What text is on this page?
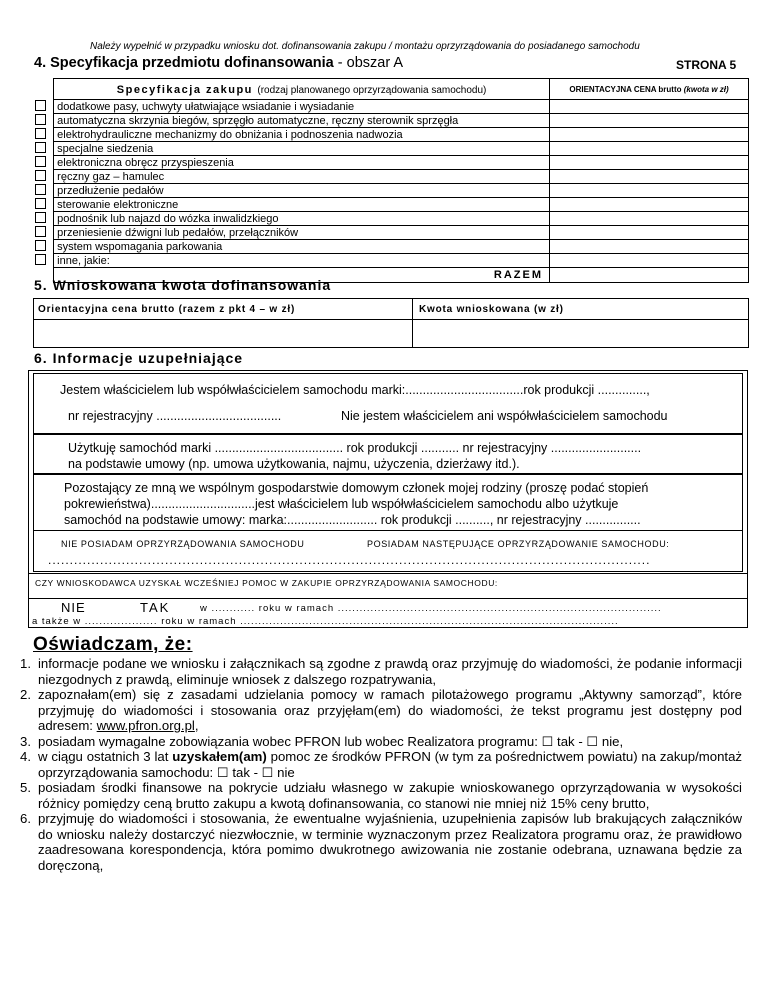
Należy wypełnić w przypadku wniosku dot. dofinansowania zakupu / montażu oprzyrządowania do posiadanego samochodu
4. Specyfikacja przedmiotu dofinansowania - obszar A	STRONA 5
	Specyfikacja zakupu (rodzaj planowanego oprzyrządowania samochodu)	ORIENTACYJNA CENA brutto (kwota w zł)
	dodatkowe pasy, uchwyty ułatwiające wsiadanie i wysiadanie	
	automatyczna skrzynia biegów, sprzęgło automatyczne, ręczny sterownik sprzęgła	
	elektrohydrauliczne mechanizmy do obniżania i podnoszenia nadwozia	
	specjalne siedzenia	
	elektroniczna obręcz przyspieszenia	
	ręczny gaz – hamulec	
	przedłużenie pedałów	
	sterowanie elektroniczne	
	podnośnik lub najazd do wózka inwalidzkiego	
	przeniesienie dźwigni lub pedałów, przełączników	
	system wspomagania parkowania	
	inne, jakie:	
	RAZEM	
5. Wnioskowana kwota dofinansowania
Orientacyjna cena brutto (razem z pkt 4 – w zł)	Kwota wnioskowana (w zł)
6. Informacje uzupełniające
Jestem właścicielem lub współwłaścicielem samochodu marki:..................................rok produkcji ..............,
nr rejestracyjny ....................................	Nie jestem właścicielem ani współwłaścicielem samochodu
Użytkuję samochód marki ..................................... rok produkcji ........... nr rejestracyjny ..........................
na podstawie umowy (np. umowa użytkowania, najmu, użyczenia, dzierżawy itd.).
Pozostający ze mną we wspólnym gospodarstwie domowym członek mojej rodziny (proszę podać stopień
pokrewieństwa)..............................jest właścicielem lub współwłaścicielem samochodu albo użytkuje
samochód na podstawie umowy: marka:.......................... rok produkcji .........., nr rejestracyjny ................
NIE POSIADAM OPRZYRZĄDOWANIA SAMOCHODU	POSIADAM NASTĘPUJĄCE OPRZYRZĄDOWANIE SAMOCHODU:
...........................................................................................................................................
CZY WNIOSKODAWCA UZYSKAŁ WCZEŚNIEJ POMOC W ZAKUPIE OPRZYRZĄDOWANIA SAMOCHODU:
NIE	TAK	w ............ roku w ramach .........................................................................................
a także w .................... roku w ramach ........................................................................................................
Oświadczam, że:
1. informacje podane we wniosku i załącznikach są zgodne z prawdą oraz przyjmuję do wiadomości, że podanie informacji niezgodnych z prawdą, eliminuje wniosek z dalszego rozpatrywania,
2. zapoznałam(em) się z zasadami udzielania pomocy w ramach pilotażowego programu „Aktywny samorząd”, które przyjmuję do wiadomości i stosowania oraz przyjęłam(em) do wiadomości, że tekst programu jest dostępny pod adresem: www.pfron.org.pl,
3. posiadam wymagalne zobowiązania wobec PFRON lub wobec Realizatora programu: ☐ tak - ☐ nie,
4. w ciągu ostatnich 3 lat uzyskałem(am) pomoc ze środków PFRON (w tym za pośrednictwem powiatu) na zakup/montaż oprzyrządowania samochodu: ☐ tak - ☐ nie
5. posiadam środki finansowe na pokrycie udziału własnego w zakupie wnioskowanego oprzyrządowania w wysokości różnicy pomiędzy ceną brutto zakupu a kwotą dofinansowania, co stanowi nie mniej niż 15% ceny brutto,
6. przyjmuję do wiadomości i stosowania, że ewentualne wyjaśnienia, uzupełnienia zapisów lub brakujących załączników do wniosku należy dostarczyć niezwłocznie, w terminie wyznaczonym przez Realizatora programu oraz, że prawidłowo zaadresowana korespondencja, która pomimo dwukrotnego awizowania nie zostanie odebrana, uznawana będzie za doręczoną,
